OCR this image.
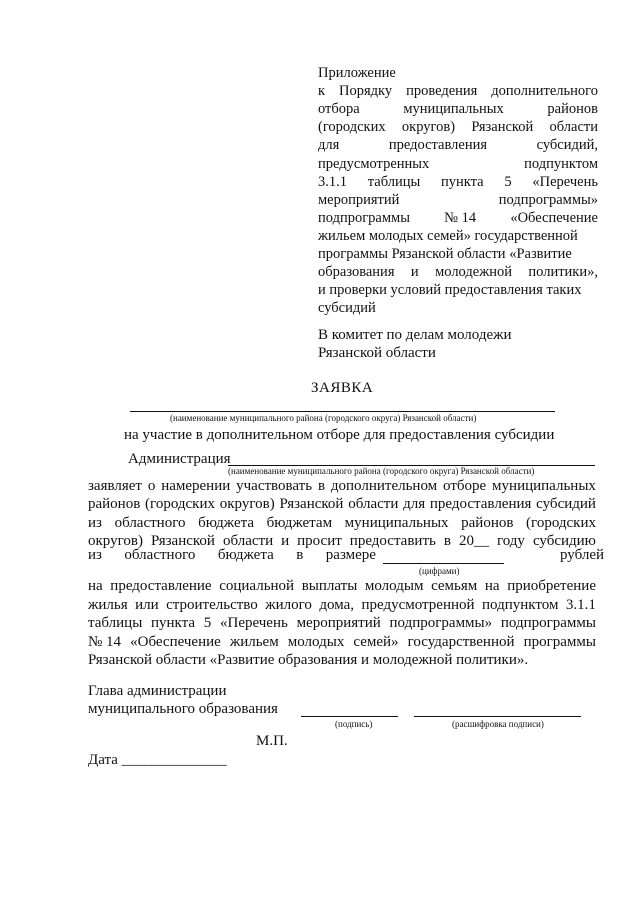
Приложение
к Порядку проведения дополнительного
отбора	муниципальных	районов
(городских округов) Рязанской области
для	предоставления	субсидий,
предусмотренных	подпунктом
3.1.1 таблицы пункта 5 «Перечень
мероприятий	подпрограммы»
подпрограммы № 14 «Обеспечение
жильем молодых семей» государственной
программы Рязанской области «Развитие
образования и молодежной политики»,
и проверки условий предоставления таких
субсидий
В комитет по делам молодежи
Рязанской области
ЗАЯВКА
(наименование муниципального района (городского округа) Рязанской области)
на участие в дополнительном отборе для предоставления субсидии
Администрация
(наименование муниципального района (городского округа) Рязанской области)
заявляет о намерении участвовать в дополнительном отборе муниципальных
районов (городских округов) Рязанской области для предоставления субсидий
из областного бюджета бюджетам муниципальных районов (городских
округов) Рязанской области и просит предоставить в 20__ году субсидию
из областного бюджета в размере	рублей
(цифрами)
на предоставление социальной выплаты молодым семьям на приобретение
жилья или строительство жилого дома, предусмотренной подпунктом 3.1.1
таблицы пункта 5 «Перечень мероприятий подпрограммы» подпрограммы
№ 14 «Обеспечение жильем молодых семей» государственной программы
Рязанской области «Развитие образования и молодежной политики».
Глава администрации
муниципального образования
(подпись)	(расшифровка подписи)
М.П.
Дата ______________
